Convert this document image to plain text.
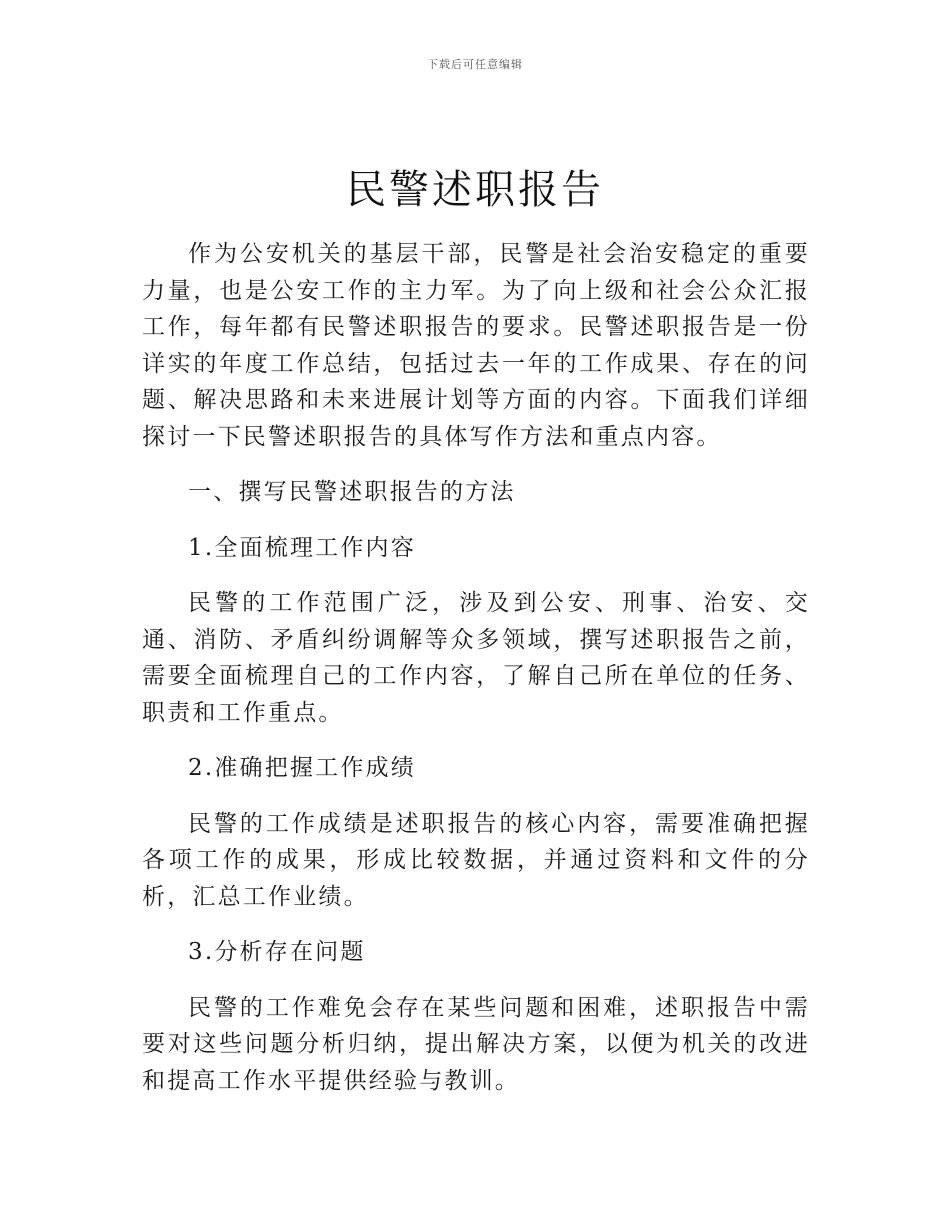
下载后可任意编辑
民警述职报告

作为公安机关的基层干部，民警是社会治安稳定的重要力量，也是公安工作的主力军。为了向上级和社会公众汇报工作，每年都有民警述职报告的要求。民警述职报告是一份详实的年度工作总结，包括过去一年的工作成果、存在的问题、解决思路和未来进展计划等方面的内容。下面我们详细探讨一下民警述职报告的具体写作方法和重点内容。

一、撰写民警述职报告的方法

1.全面梳理工作内容

民警的工作范围广泛，涉及到公安、刑事、治安、交通、消防、矛盾纠纷调解等众多领域，撰写述职报告之前，需要全面梳理自己的工作内容，了解自己所在单位的任务、职责和工作重点。

2.准确把握工作成绩

民警的工作成绩是述职报告的核心内容，需要准确把握各项工作的成果，形成比较数据，并通过资料和文件的分析，汇总工作业绩。

3.分析存在问题

民警的工作难免会存在某些问题和困难，述职报告中需要对这些问题分析归纳，提出解决方案，以便为机关的改进和提高工作水平提供经验与教训。
